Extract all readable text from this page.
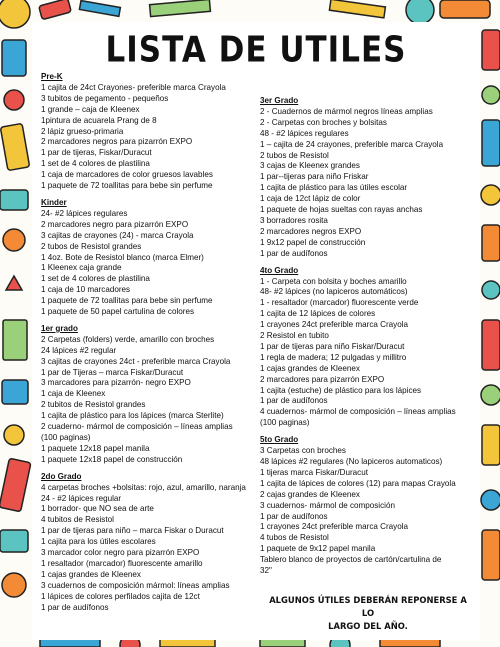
LISTA DE UTILES
Pre-K
1 cajita de 24ct Crayones- preferible marca Crayola
3 tubitos de pegamento - pequeños
1 grande – caja de Kleenex
1pintura de acuarela Prang de 8
2 lápiz grueso-primaria
2 marcadores negros para pizarrón EXPO
1 par de tijeras, Fiskar/Duracut
1 set de 4 colores de plastilina
1 caja de marcadores de color gruesos lavables
1 paquete de 72 toallitas para bebe sin perfume
Kinder
24- #2 lápices regulares
2 marcadores negro para pizarrón EXPO
3 cajitas de crayones (24) - marca Crayola
2 tubos de Resistol grandes
1 4oz. Bote de Resistol blanco (marca Elmer)
1 Kleenex caja grande
1 set de 4 colores de plastilina
1 caja de 10 marcadores
1 paquete de 72 toallitas para bebe sin perfume
1 paquete de 50 papel cartulina de colores
1er grado
2 Carpetas (folders) verde, amarillo con broches
24 lápices #2 regular
3 cajitas de crayones 24ct - preferible marca Crayola
1 par de Tijeras – marca Fiskar/Duracut
3 marcadores para pizarrón- negro EXPO
1 caja de Kleenex
2 tubitos de Resistol grandes
1 cajita de plástico para los lápices (marca Sterlite)
2 cuaderno- mármol de composición – líneas amplias
(100 paginas)
1 paquete 12x18 papel manila
1 paquete 12x18 papel de construcción
2do Grado
4 carpetas broches +bolsitas: rojo, azul, amarillo, naranja
24 - #2 lápices regular
1 borrador- que NO sea de arte
4 tubitos de Resistol
1 par de tijeras para niño – marca Fiskar o Duracut
1 cajita para los útiles escolares
3 marcador color negro para pizarrón EXPO
1 resaltador (marcador) fluorescente amarillo
1 cajas grandes de Kleenex
3 cuadernos de composición mármol: líneas amplias
1 lápices de colores perfilados cajita de 12ct
1 par de audífonos
3er Grado
2 - Cuadernos de mármol negros líneas amplias
2 - Carpetas con broches y bolsitas
48 - #2 lápices regulares
1 – cajita de 24 crayones, preferible marca Crayola
2 tubos de Resistol
3 cajas de Kleenex grandes
1 par--tijeras para niño Friskar
1 cajita de plástico para las útiles escolar
1 caja de 12ct lápiz de color
1 paquete de hojas sueltas con rayas anchas
3 borradores rosita
2 marcadores negros EXPO
1 9x12 papel de construcción
1 par de audífonos
4to Grado
1 - Carpeta con bolsita y boches amarillo
48- #2 lápices (no lapiceros automáticos)
1 - resaltador (marcador) fluorescente verde
1 cajita de 12 lápices de colores
1 crayones 24ct preferible marca Crayola
2 Resistol en tubito
1 par de tijeras para niño Fiskar/Duracut
1 regla de madera; 12 pulgadas y millitro
1 cajas grandes de Kleenex
2 marcadores para pizarrón EXPO
1 cajita (estuche) de plástico para los lápices
1 par de audífonos
4 cuadernos- mármol de composición – líneas amplias
(100 paginas)
5to Grado
3 Carpetas con broches
48 lápices #2 regulares (No lapiceros automaticos)
1 tijeras marca Fiskar/Duracut
1 cajita de lápices de colores (12) para mapas Crayola
2 cajas grandes de Kleenex
3 cuadernos- mármol de composición
1 par de audífonos
1 crayones 24ct preferible marca Crayola
4 tubos de Resistol
1 paquete de 9x12 papel manila
Tablero blanco de proyectos de cartón/cartulina de
32"
ALGUNOS ÚTILES DEBERÁN REPONERSE A LO
LARGO DEL AÑO.
